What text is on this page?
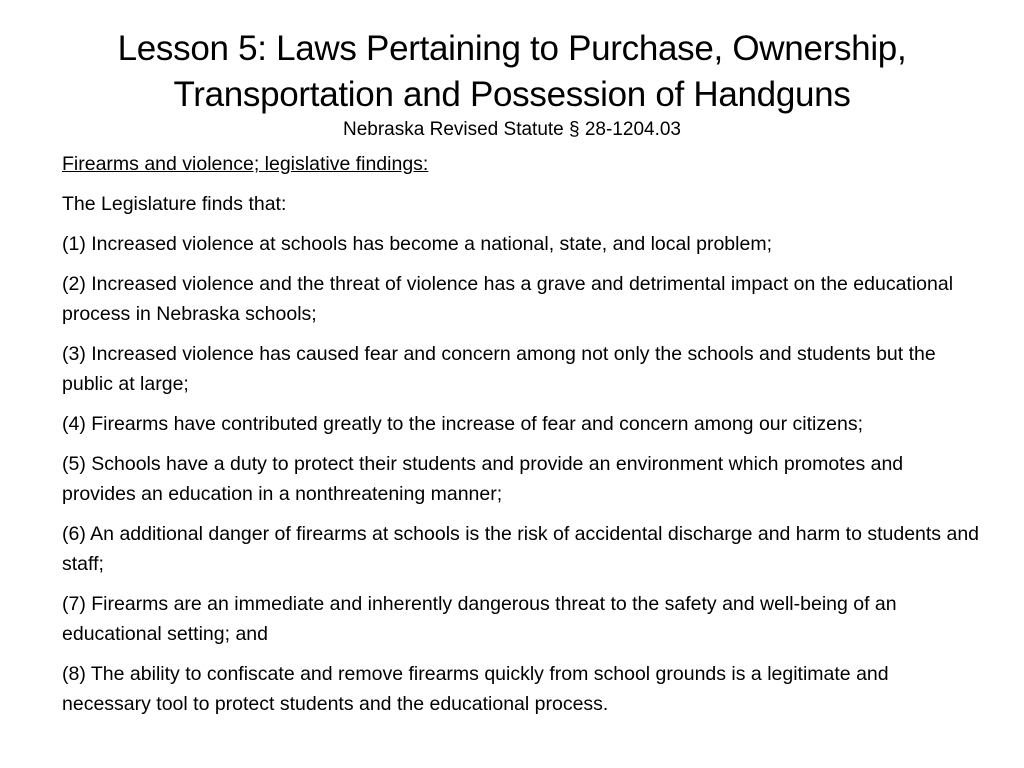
Lesson 5: Laws Pertaining to Purchase, Ownership, Transportation and Possession of Handguns
Nebraska Revised Statute § 28-1204.03

Firearms and violence; legislative findings:

The Legislature finds that:

(1) Increased violence at schools has become a national, state, and local problem;
(2) Increased violence and the threat of violence has a grave and detrimental impact on the educational process in Nebraska schools;
(3) Increased violence has caused fear and concern among not only the schools and students but the public at large;
(4) Firearms have contributed greatly to the increase of fear and concern among our citizens;
(5) Schools have a duty to protect their students and provide an environment which promotes and provides an education in a nonthreatening manner;
(6) An additional danger of firearms at schools is the risk of accidental discharge and harm to students and staff;
(7) Firearms are an immediate and inherently dangerous threat to the safety and well-being of an educational setting; and
(8) The ability to confiscate and remove firearms quickly from school grounds is a legitimate and necessary tool to protect students and the educational process.
